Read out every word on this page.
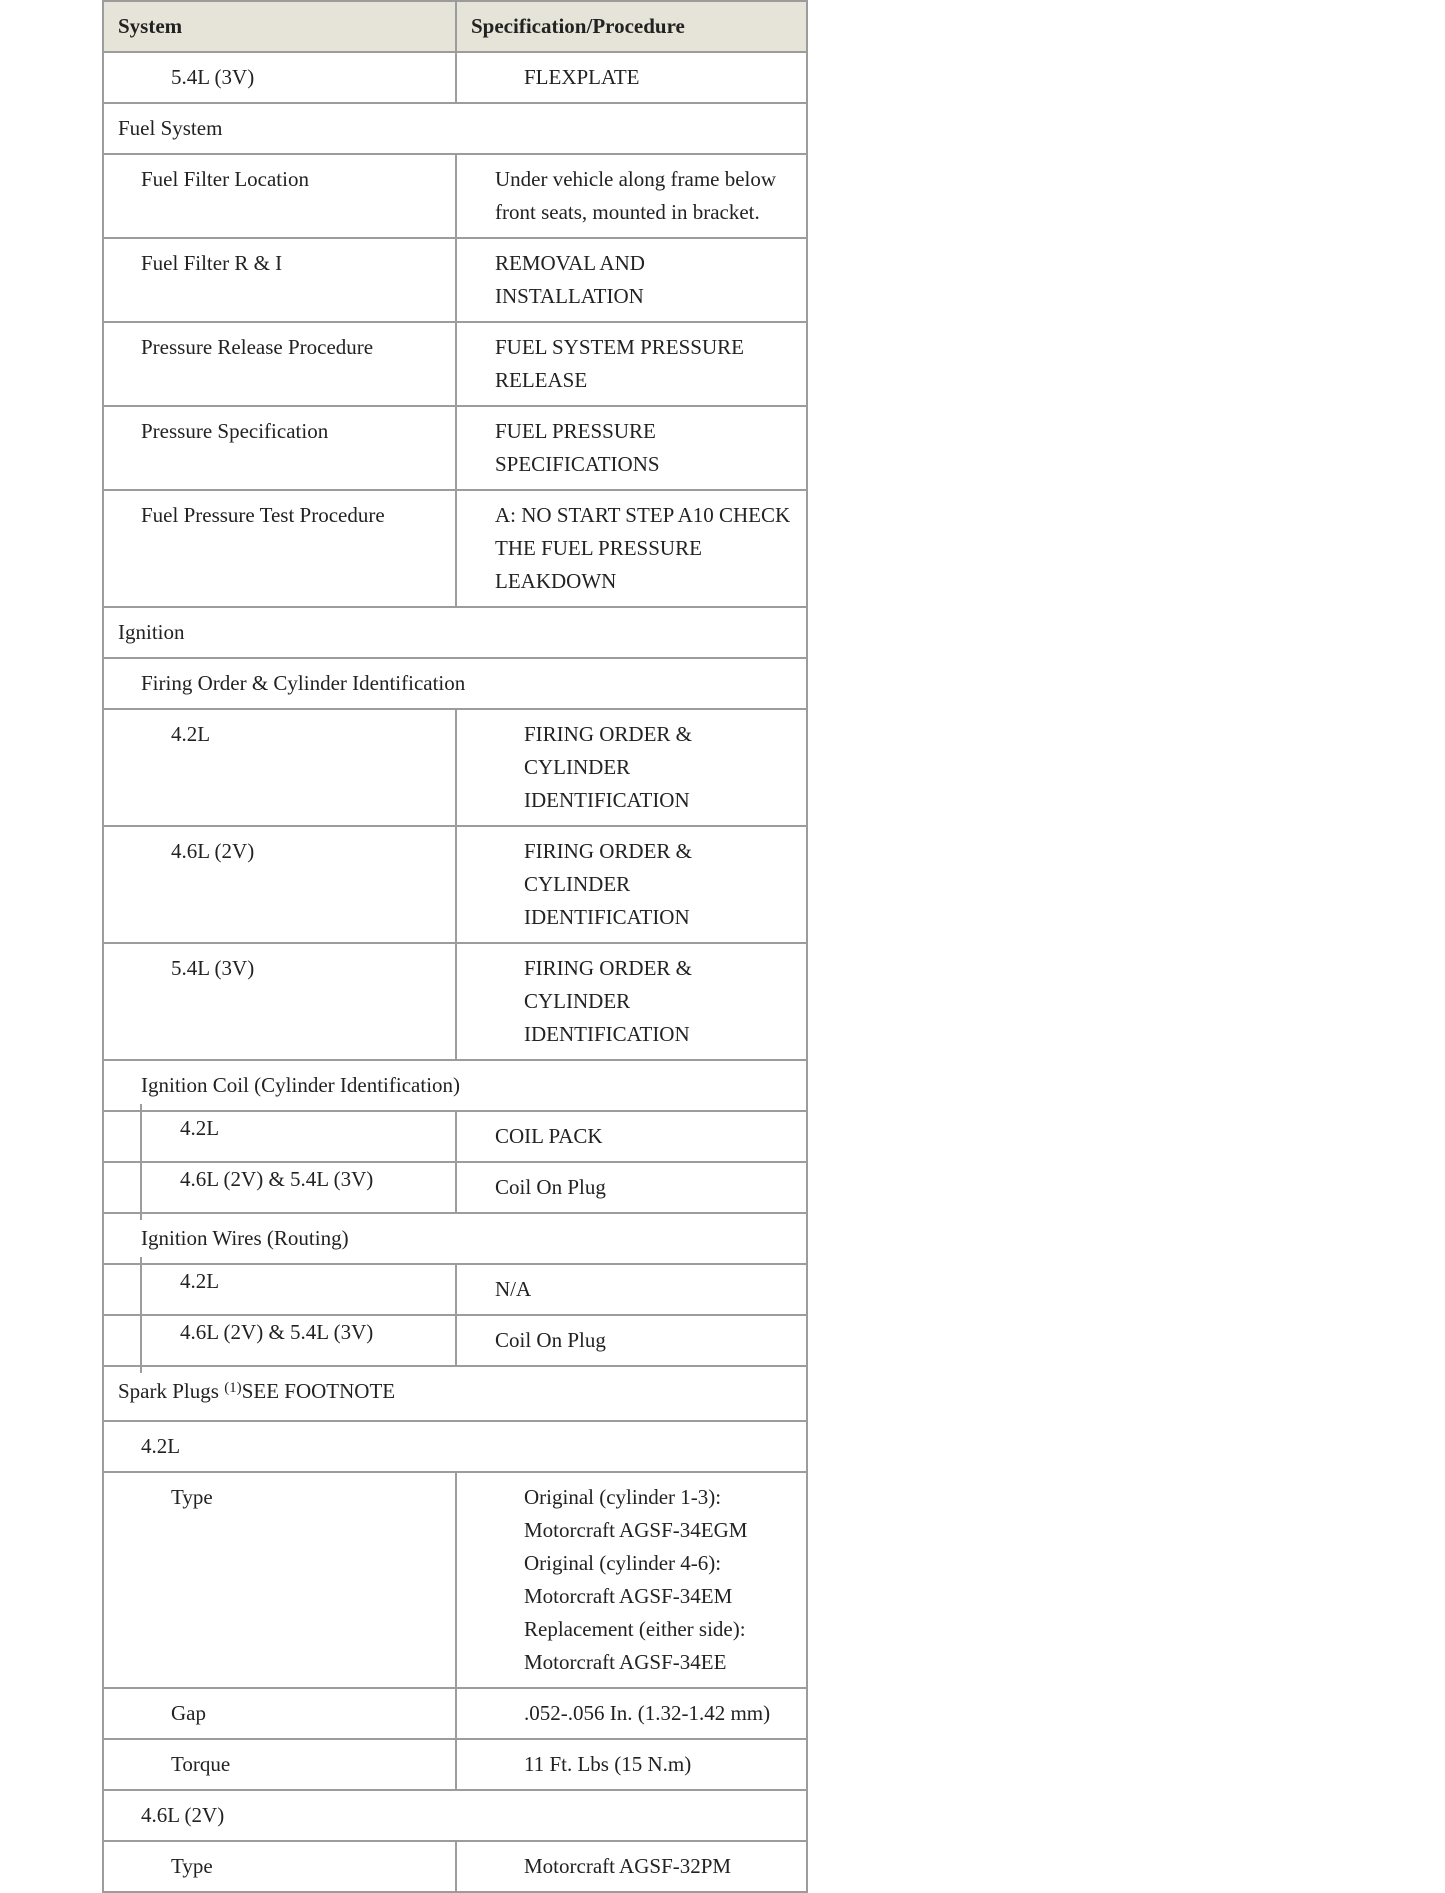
System	Specification/Procedure
5.4L (3V)	FLEXPLATE
Fuel System	
Fuel Filter Location	Under vehicle along frame below front seats, mounted in bracket.
Fuel Filter R & I	REMOVAL AND INSTALLATION
Pressure Release Procedure	FUEL SYSTEM PRESSURE RELEASE
Pressure Specification	FUEL PRESSURE SPECIFICATIONS
Fuel Pressure Test Procedure	A: NO START STEP A10 CHECK THE FUEL PRESSURE LEAKDOWN
Ignition	
Firing Order & Cylinder Identification	
4.2L	FIRING ORDER & CYLINDER IDENTIFICATION
4.6L (2V)	FIRING ORDER & CYLINDER IDENTIFICATION
5.4L (3V)	FIRING ORDER & CYLINDER IDENTIFICATION
Ignition Coil (Cylinder Identification)	

4.2L	COIL PACK

4.6L (2V) & 5.4L (3V)	Coil On Plug
Ignition Wires (Routing)	

4.2L	N/A

4.6L (2V) & 5.4L (3V)	Coil On Plug
Spark Plugs $^{(1)}$SEE FOOTNOTE	
4.2L	
Type	Original (cylinder 1-3): Motorcraft AGSF-34EGM
Original (cylinder 4-6): Motorcraft AGSF-34EM
Replacement (either side): Motorcraft AGSF-34EE

Gap	.052-.056 In. (1.32-1.42 mm)
Torque	11 Ft. Lbs (15 N.m)
4.6L (2V)	
Type	Motorcraft AGSF-32PM
